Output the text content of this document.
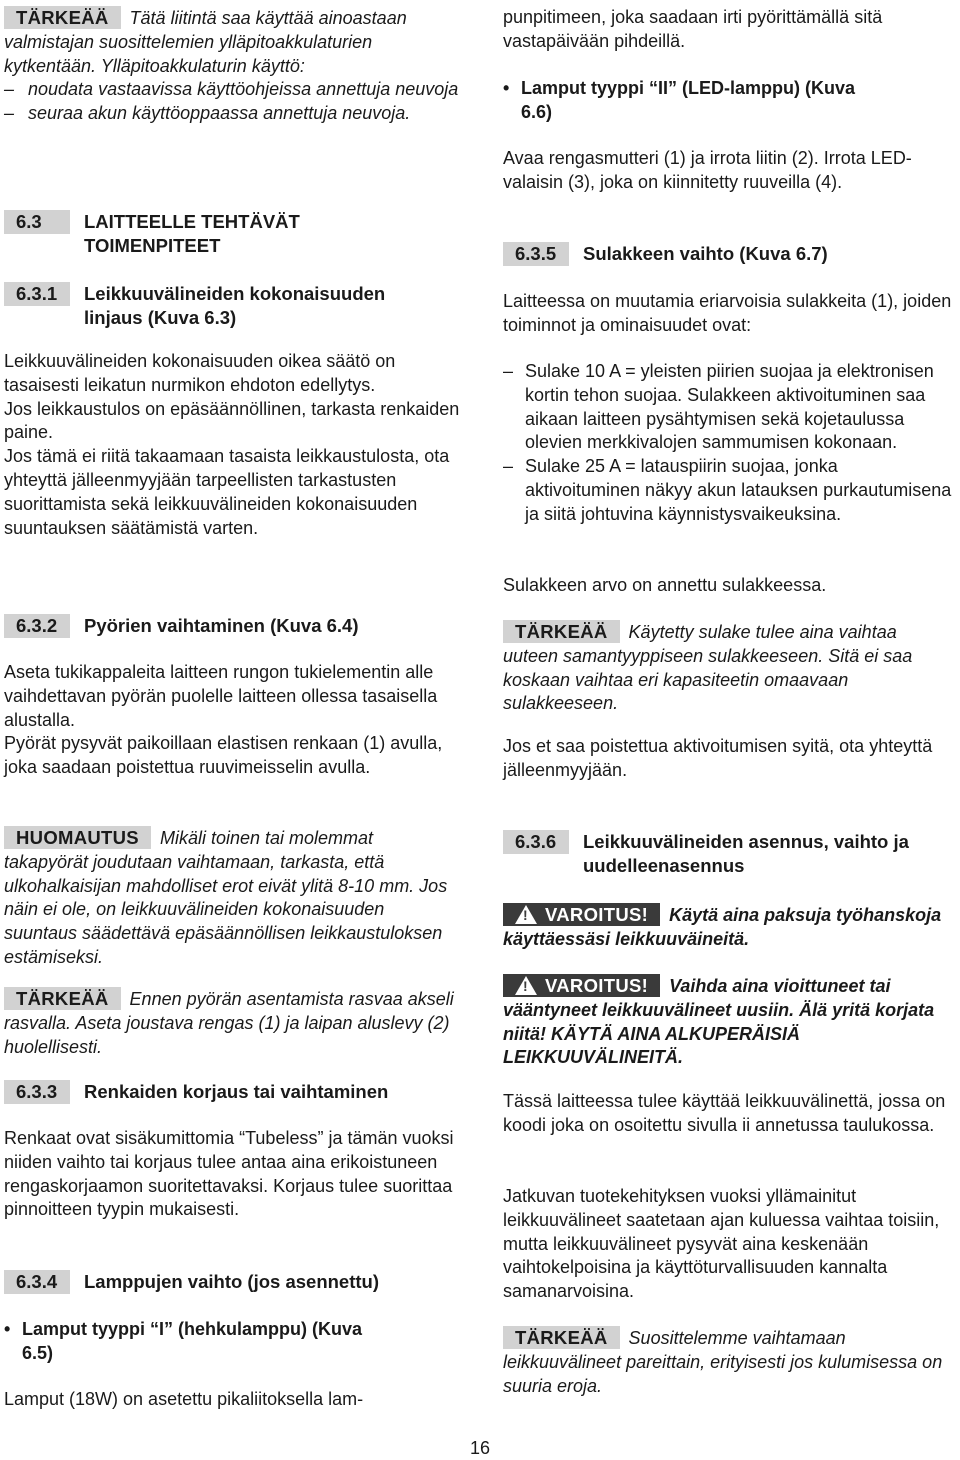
TÄRKEÄÄ Tätä liitintä saa käyttää ainoastaan valmistajan suosittelemien ylläpitoakkulaturien kytkentään. Ylläpitoakkulaturin käyttö:

– noudata vastaavissa käyttöohjeissa annettuja neuvoja

– seuraa akun käyttöoppaassa annettuja neuvoja.

6.3	LAITTEELLE TEHTÄVÄT TOIMENPITEET
6.3.1	Leikkuuvälineiden kokonaisuuden linjaus (Kuva 6.3)

Leikkuuvälineiden kokonaisuuden oikea säätö on tasaisesti leikatun nurmikon ehdoton edellytys.

Jos leikkaustulos on epäsäännöllinen, tarkasta renkaiden paine.

Jos tämä ei riitä takaamaan tasaista leikkaustulosta, ota yhteyttä jälleenmyyjään tarpeellisten tarkastusten suorittamista sekä leikkuuvälineiden kokonaisuuden suuntauksen säätämistä varten.

6.3.2	Pyörien vaihtaminen (Kuva 6.4)

Aseta tukikappaleita laitteen rungon tukielementin alle vaihdettavan pyörän puolelle laitteen ollessa tasaisella alustalla.

Pyörät pysyvät paikoillaan elastisen renkaan (1) avulla, joka saadaan poistettua ruuvimeisselin avulla.

HUOMAUTUS Mikäli toinen tai molemmat takapyörät joudutaan vaihtamaan, tarkasta, että ulkohalkaisijan mahdolliset erot eivät ylitä 8-10 mm. Jos näin ei ole, on leikkuuvälineiden kokonaisuuden suuntaus säädettävä epäsäännöllisen leikkaustuloksen estämiseksi.

TÄRKEÄÄ Ennen pyörän asentamista rasvaa akseli rasvalla. Aseta joustava rengas (1) ja laipan aluslevy (2) huolellisesti.

6.3.3	Renkaiden korjaus tai vaihtaminen

Renkaat ovat sisäkumittomia “Tubeless” ja tämän vuoksi niiden vaihto tai korjaus tulee antaa aina erikoistuneen rengaskorjaamon suoritettavaksi. Korjaus tulee suorittaa pinnoitteen tyypin mukaisesti.

6.3.4	Lamppujen vaihto (jos asennettu)

• Lamput tyyppi “I” (hehkulamppu) (Kuva 6.5)

Lamput (18W) on asetettu pikaliitoksella lam-

punpitimeen, joka saadaan irti pyörittämällä sitä vastapäivään pihdeillä.

• Lamput tyyppi “II” (LED-lamppu) (Kuva 6.6)

Avaa rengasmutteri (1) ja irrota liitin (2). Irrota LED-valaisin (3), joka on kiinnitetty ruuveilla (4).

6.3.5	Sulakkeen vaihto (Kuva 6.7)

Laitteessa on muutamia eriarvoisia sulakkeita (1), joiden toiminnot ja ominaisuudet ovat:

– Sulake 10 A = yleisten piirien suojaa ja elektronisen kortin tehon suojaa. Sulakkeen aktivoituminen saa aikaan laitteen pysähtymisen sekä kojetaulussa olevien merkkivalojen sammumisen kokonaan.

– Sulake 25 A = latauspiirin suojaa, jonka aktivoituminen näkyy akun latauksen purkautumisena ja siitä johtuvina käynnistysvaikeuksina.

Sulakkeen arvo on annettu sulakkeessa.

TÄRKEÄÄ Käytetty sulake tulee aina vaihtaa uuteen samantyyppiseen sulakkeeseen. Sitä ei saa koskaan vaihtaa eri kapasiteetin omaavaan sulakkeeseen.

Jos et saa poistettua aktivoitumisen syitä, ota yhteyttä jälleenmyyjään.

6.3.6	Leikkuuvälineiden asennus, vaihto ja uudelleenasennus

! VAROITUS! Käytä aina paksuja työhanskoja käyttäessäsi leikkuuväineitä.

! VAROITUS! Vaihda aina vioittuneet tai vääntyneet leikkuuvälineet uusiin. Älä yritä korjata niitä! KÄYTÄ AINA ALKUPERÄISIÄ LEIKKUUVÄLINEITÄ.

Tässä laitteessa tulee käyttää leikkuuvälinettä, jossa on koodi joka on osoitettu sivulla ii annetussa taulukossa.

Jatkuvan tuotekehityksen vuoksi yllämainitut leikkuuvälineet saatetaan ajan kuluessa vaihtaa toisiin, mutta leikkuuvälineet pysyvät aina keskenään vaihtokelpoisina ja käyttöturvallisuuden kannalta samanarvoisina.

TÄRKEÄÄ Suosittelemme vaihtamaan leikkuuvälineet pareittain, erityisesti jos kulumisessa on suuria eroja.

16
